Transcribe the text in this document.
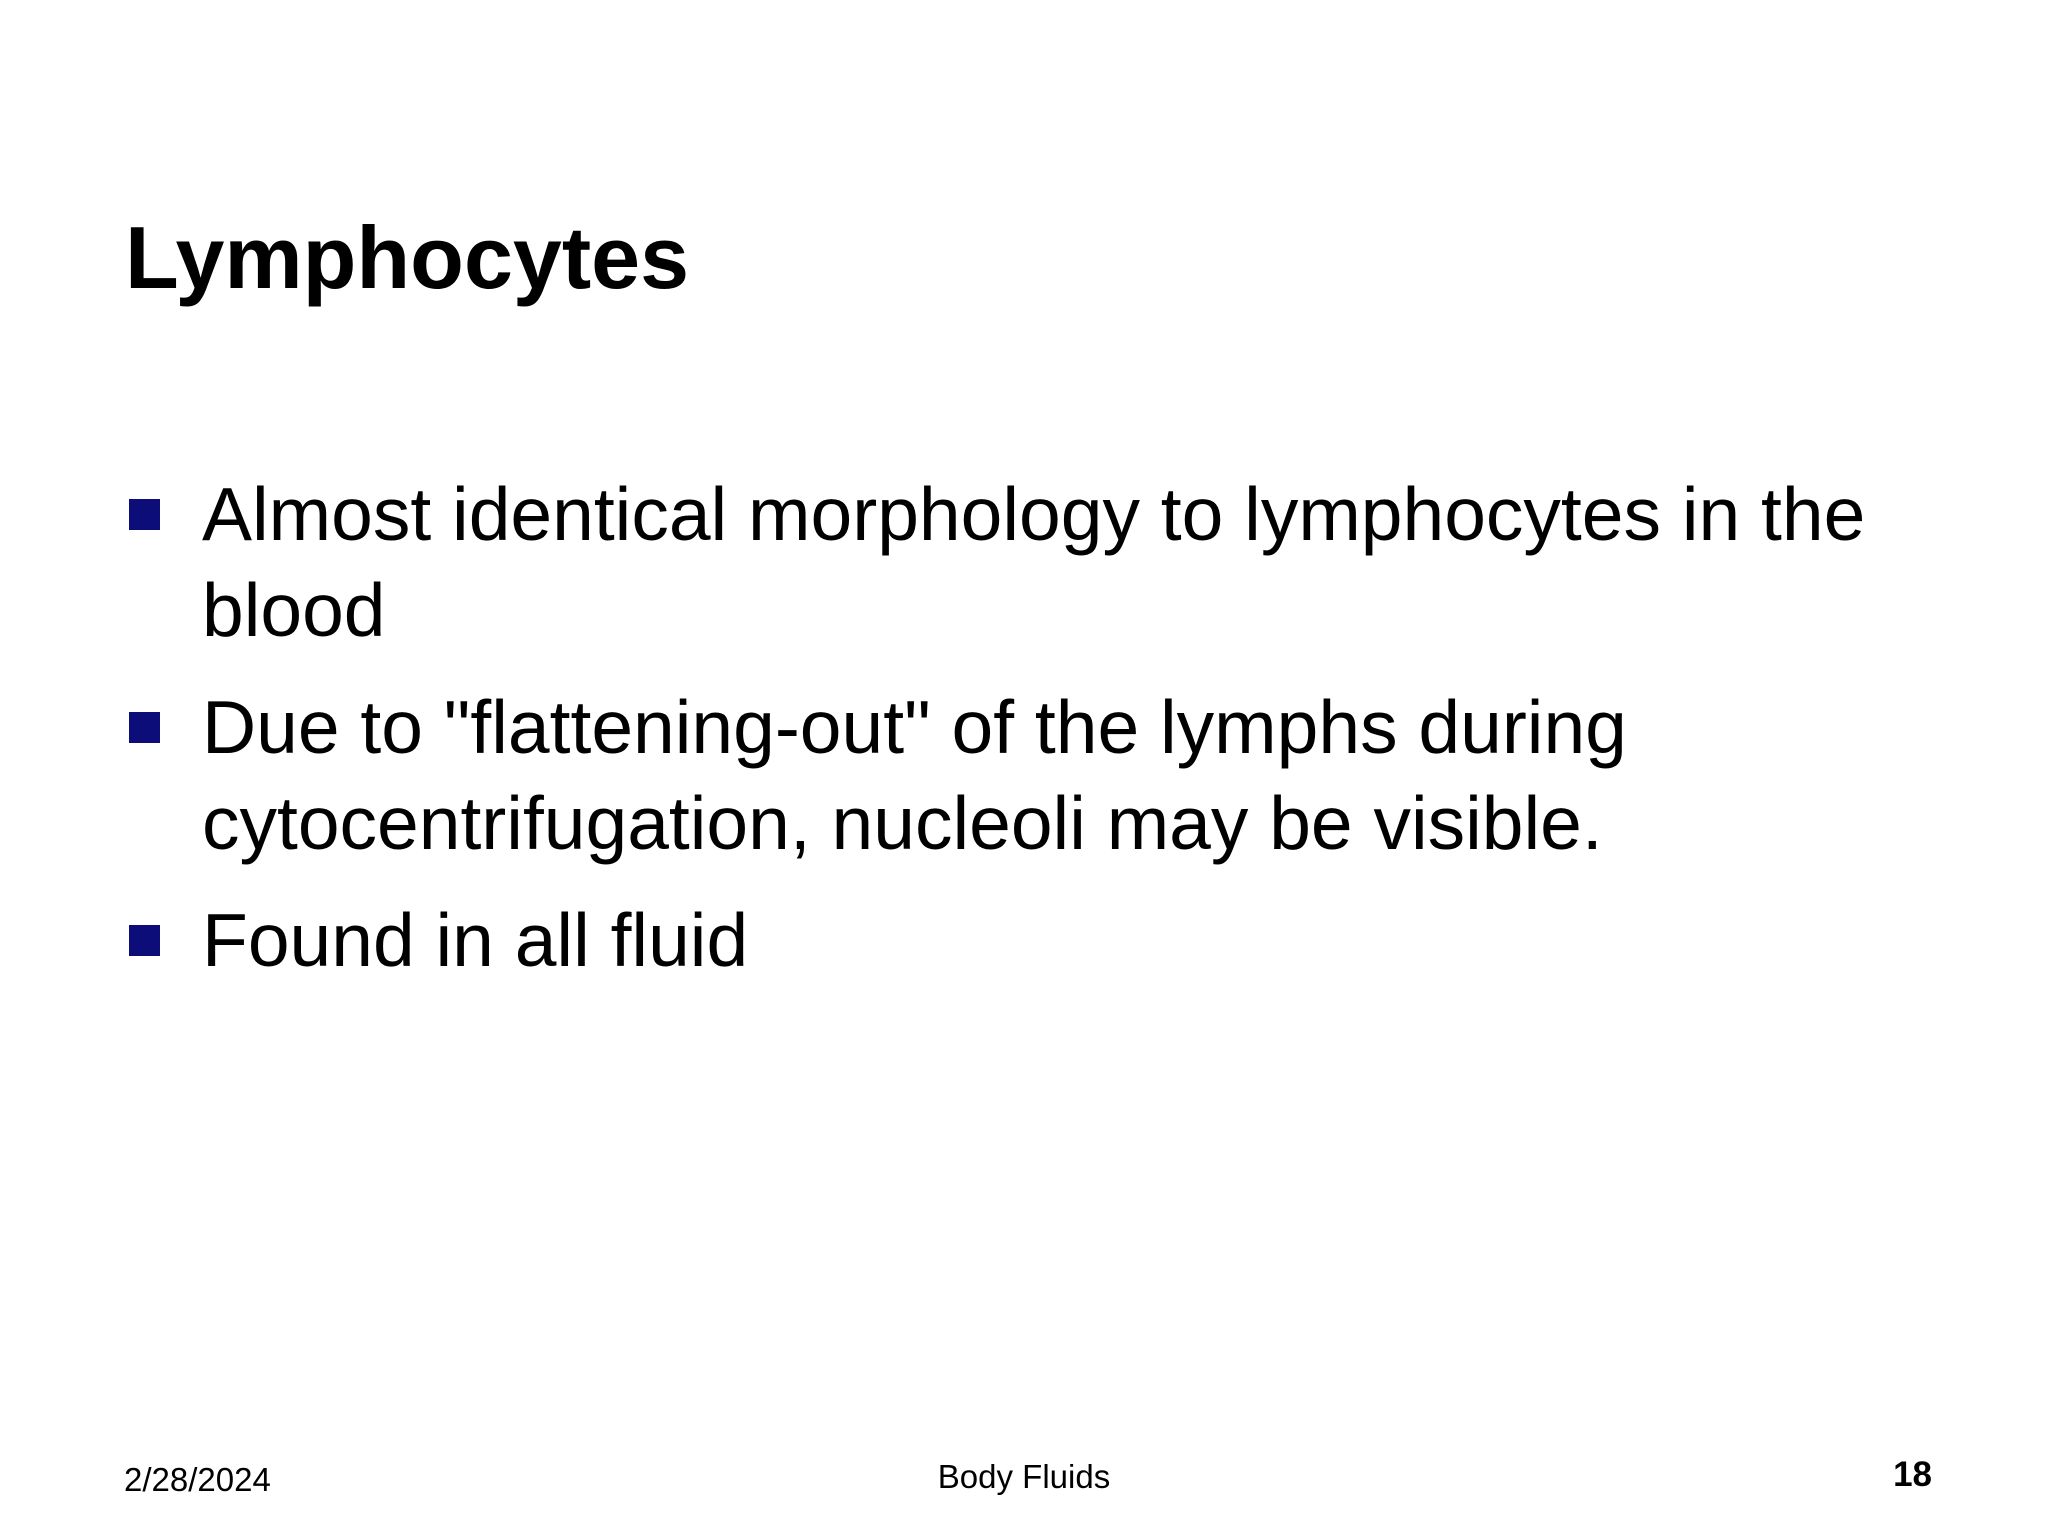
Lymphocytes
Almost identical morphology to lymphocytes in the blood
Due to "flattening-out" of the lymphs during cytocentrifugation, nucleoli may be visible.
Found in all fluid
2/28/2024	Body Fluids	18
